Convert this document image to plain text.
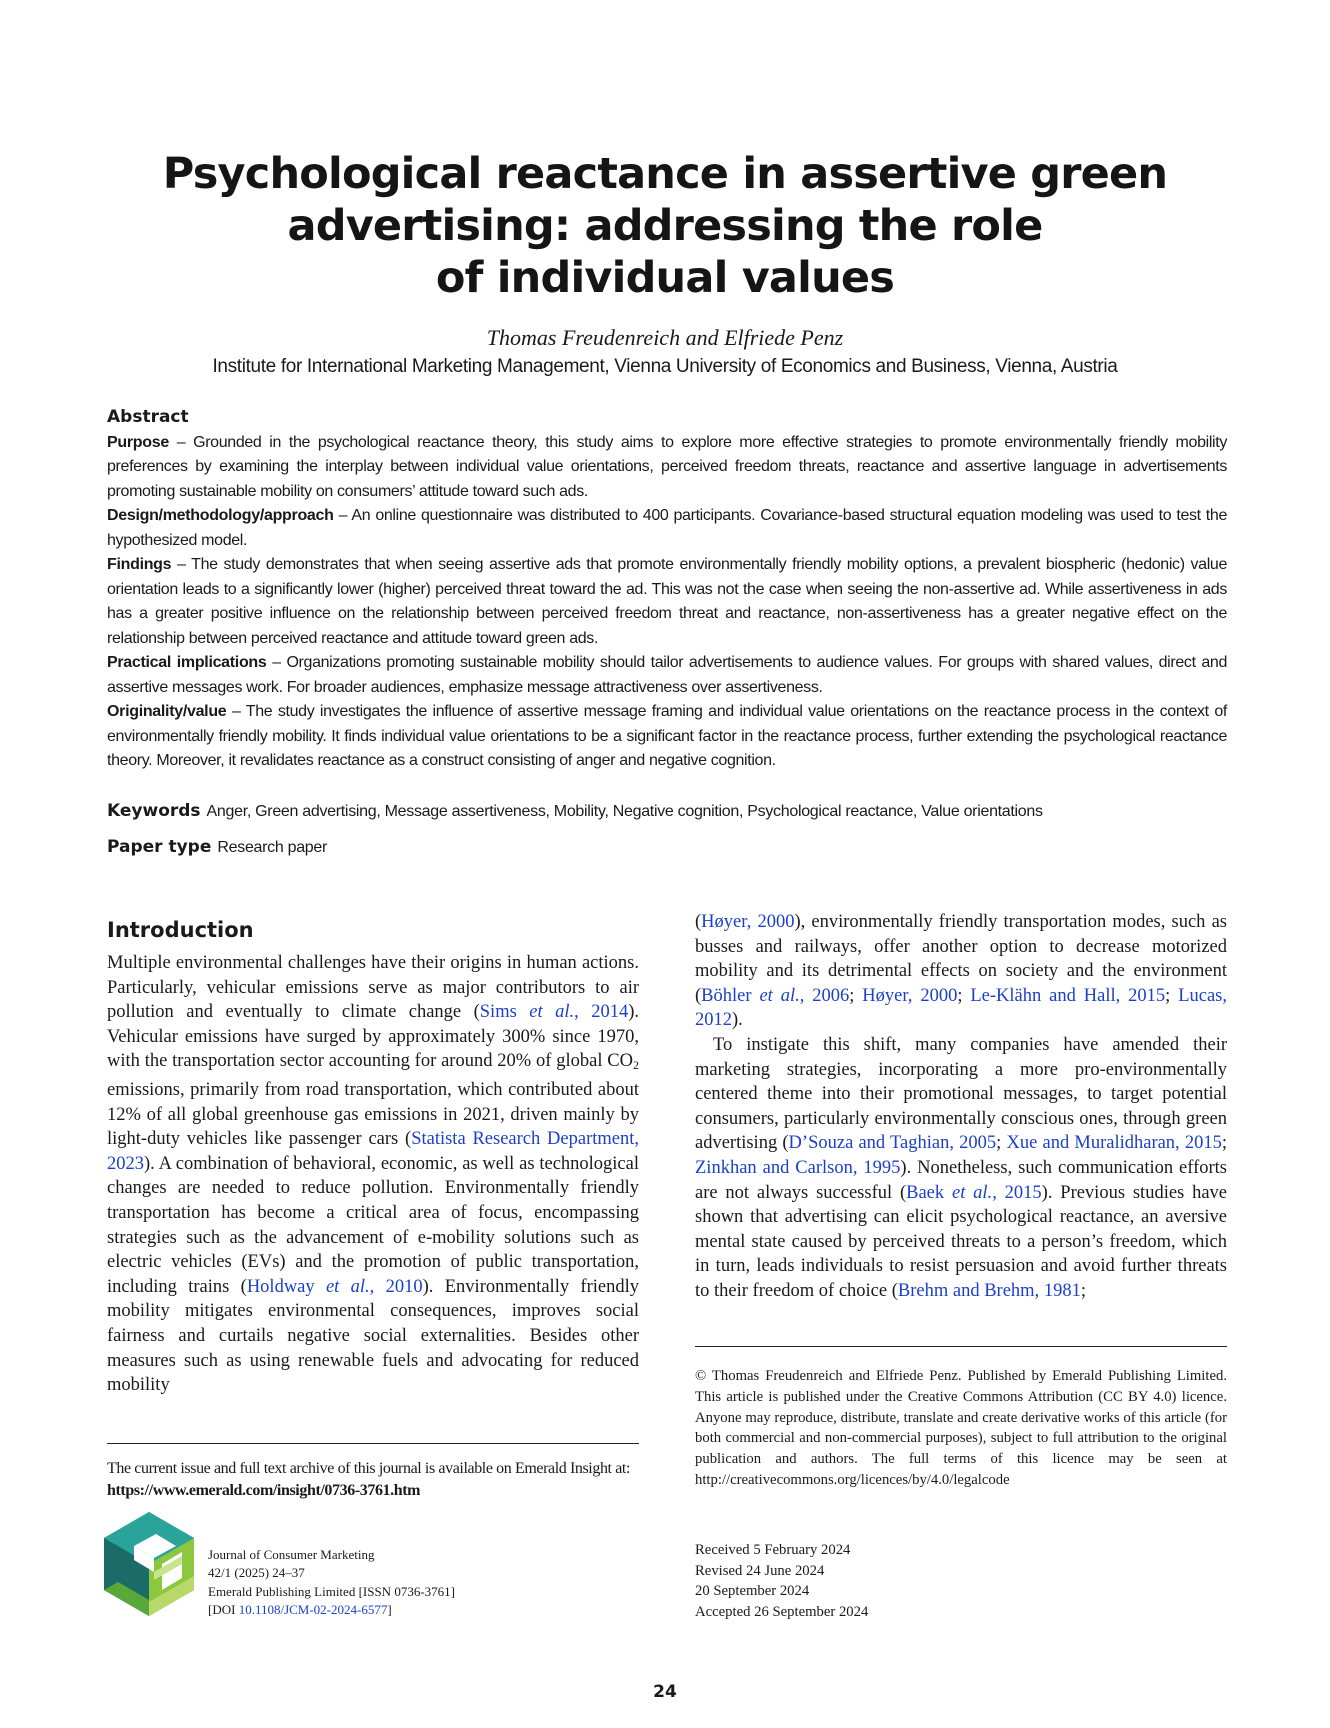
Psychological reactance in assertive green
advertising: addressing the role
of individual values
Thomas Freudenreich and Elfriede Penz
Institute for International Marketing Management, Vienna University of Economics and Business, Vienna, Austria
Abstract

Purpose – Grounded in the psychological reactance theory, this study aims to explore more effective strategies to promote environmentally friendly mobility preferences by examining the interplay between individual value orientations, perceived freedom threats, reactance and assertive language in advertisements promoting sustainable mobility on consumers’ attitude toward such ads.

Design/methodology/approach – An online questionnaire was distributed to 400 participants. Covariance-based structural equation modeling was used to test the hypothesized model.

Findings – The study demonstrates that when seeing assertive ads that promote environmentally friendly mobility options, a prevalent biospheric (hedonic) value orientation leads to a significantly lower (higher) perceived threat toward the ad. This was not the case when seeing the non-assertive ad. While assertiveness in ads has a greater positive influence on the relationship between perceived freedom threat and reactance, non-assertiveness has a greater negative effect on the relationship between perceived reactance and attitude toward green ads.

Practical implications – Organizations promoting sustainable mobility should tailor advertisements to audience values. For groups with shared values, direct and assertive messages work. For broader audiences, emphasize message attractiveness over assertiveness.

Originality/value – The study investigates the influence of assertive message framing and individual value orientations on the reactance process in the context of environmentally friendly mobility. It finds individual value orientations to be a significant factor in the reactance process, further extending the psychological reactance theory. Moreover, it revalidates reactance as a construct consisting of anger and negative cognition.

Keywords Anger, Green advertising, Message assertiveness, Mobility, Negative cognition, Psychological reactance, Value orientations
Paper type Research paper
Introduction

Multiple environmental challenges have their origins in human actions. Particularly, vehicular emissions serve as major contributors to air pollution and eventually to climate change (Sims et al., 2014). Vehicular emissions have surged by approximately 300% since 1970, with the transportation sector accounting for around 20% of global $CO_2$ emissions, primarily from road transportation, which contributed about 12% of all global greenhouse gas emissions in 2021, driven mainly by light-duty vehicles like passenger cars (Statista Research Department, 2023). A combination of behavioral, economic, as well as technological changes are needed to reduce pollution. Environmentally friendly transportation has become a critical area of focus, encompassing strategies such as the advancement of e-mobility solutions such as electric vehicles (EVs) and the promotion of public transportation, including trains (Holdway et al., 2010). Environmentally friendly mobility mitigates environmental consequences, improves social fairness and curtails negative social externalities. Besides other measures such as using renewable fuels and advocating for reduced mobility

(Høyer, 2000), environmentally friendly transportation modes, such as busses and railways, offer another option to decrease motorized mobility and its detrimental effects on society and the environment (Böhler et al., 2006; Høyer, 2000; Le-Klähn and Hall, 2015; Lucas, 2012).

To instigate this shift, many companies have amended their marketing strategies, incorporating a more pro-environmentally centered theme into their promotional messages, to target potential consumers, particularly environmentally conscious ones, through green advertising (D’Souza and Taghian, 2005; Xue and Muralidharan, 2015; Zinkhan and Carlson, 1995). Nonetheless, such communication efforts are not always successful (Baek et al., 2015). Previous studies have shown that advertising can elicit psychological reactance, an aversive mental state caused by perceived threats to a person’s freedom, which in turn, leads individuals to resist persuasion and avoid further threats to their freedom of choice (Brehm and Brehm, 1981;

The current issue and full text archive of this journal is available on Emerald Insight at: https://www.emerald.com/insight/0736-3761.htm
Journal of Consumer Marketing
42/1 (2025) 24–37
Emerald Publishing Limited [ISSN 0736-3761]
[DOI 10.1108/JCM-02-2024-6577]
© Thomas Freudenreich and Elfriede Penz. Published by Emerald Publishing Limited. This article is published under the Creative Commons Attribution (CC BY 4.0) licence. Anyone may reproduce, distribute, translate and create derivative works of this article (for both commercial and non-commercial purposes), subject to full attribution to the original publication and authors. The full terms of this licence may be seen at http://creativecommons.org/licences/by/4.0/legalcode
Received 5 February 2024
Revised 24 June 2024
20 September 2024
Accepted 26 September 2024
24
